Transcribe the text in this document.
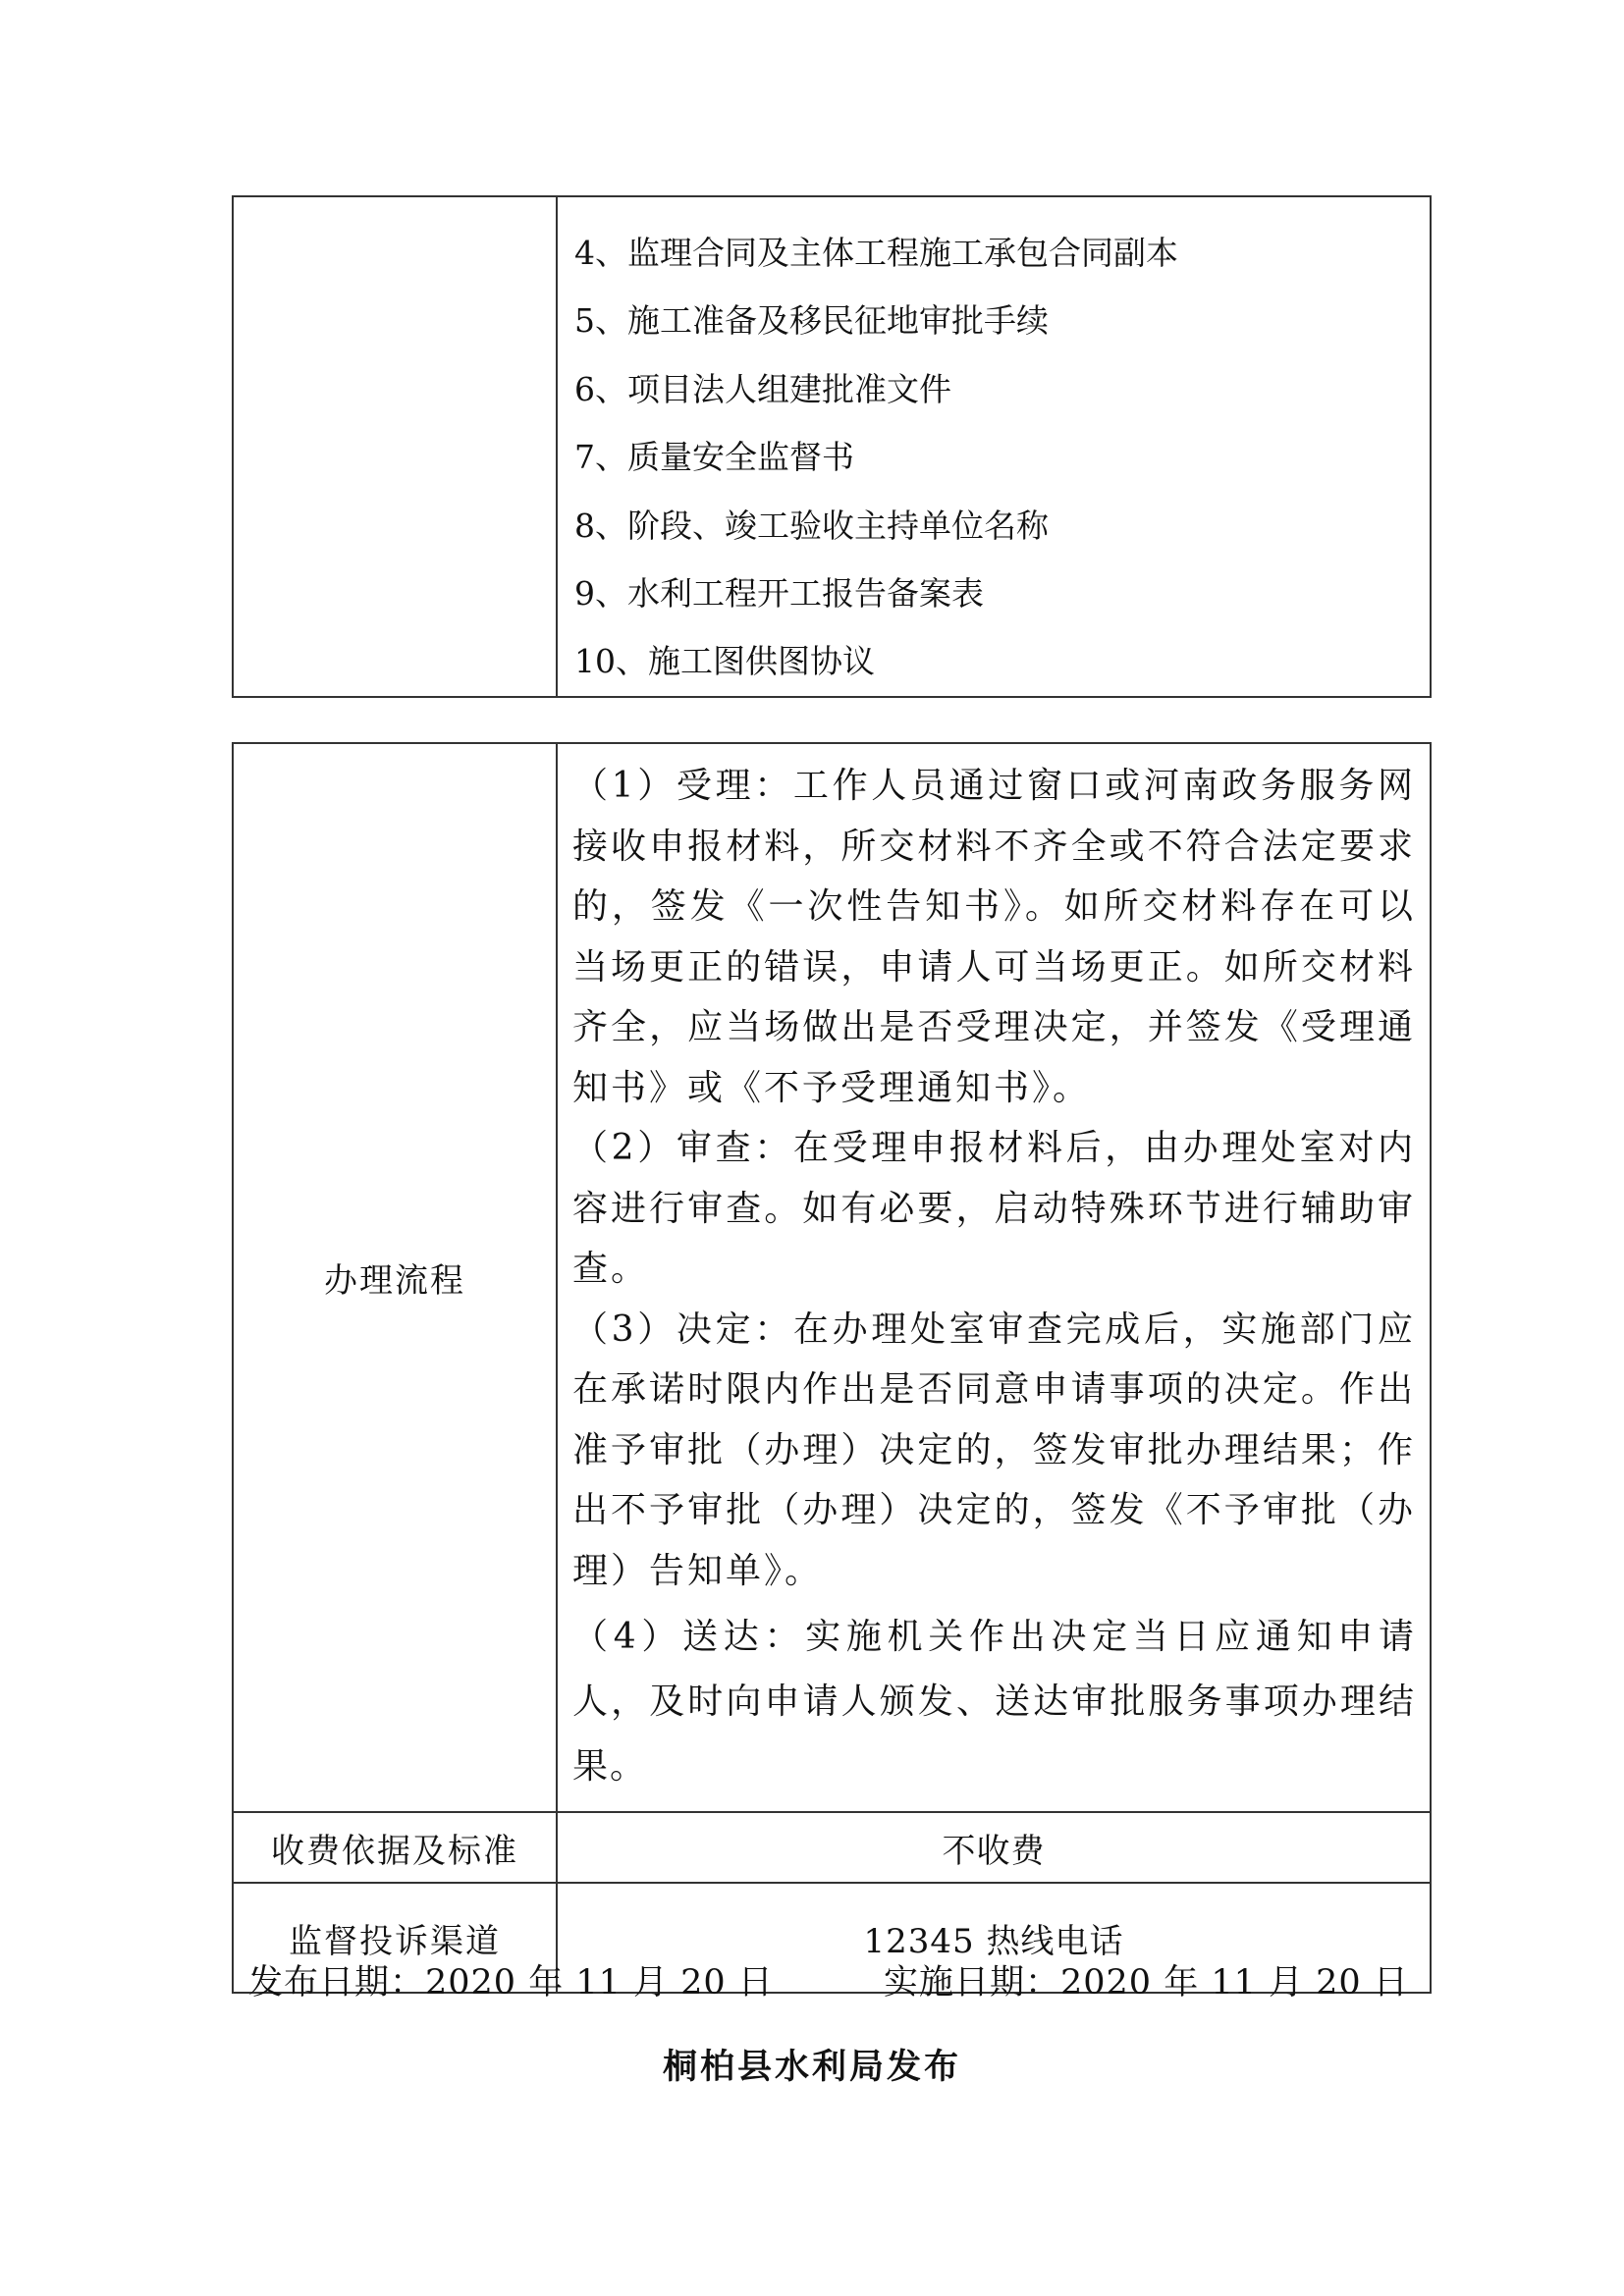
4、监理合同及主体工程施工承包合同副本
5、施工准备及移民征地审批手续
6、项目法人组建批准文件
7、质量安全监督书
8、阶段、竣工验收主持单位名称
9、水利工程开工报告备案表
10、施工图供图协议
办理流程	（1）受理：工作人员通过窗口或河南政务服务网接收申报材料，所交材料不齐全或不符合法定要求的，签发《一次性告知书》。如所交材料存在可以当场更正的错误，申请人可当场更正。如所交材料齐全，应当场做出是否受理决定，并签发《受理通知书》或《不予受理通知书》。

（2）审查：在受理申报材料后，由办理处室对内容进行审查。如有必要，启动特殊环节进行辅助审查。

（3）决定：在办理处室审查完成后，实施部门应在承诺时限内作出是否同意申请事项的决定。作出准予审批（办理）决定的，签发审批办理结果；作出不予审批（办理）决定的，签发《不予审批（办理）告知单》。

（4）送达：实施机关作出决定当日应通知申请人，及时向申请人颁发、送达审批服务事项办理结果。

收费依据及标准	不收费
监督投诉渠道	12345 热线电话
发布日期：2020 年 11 月 20 日	实施日期：2020 年 11 月 20 日
桐柏县水利局发布
